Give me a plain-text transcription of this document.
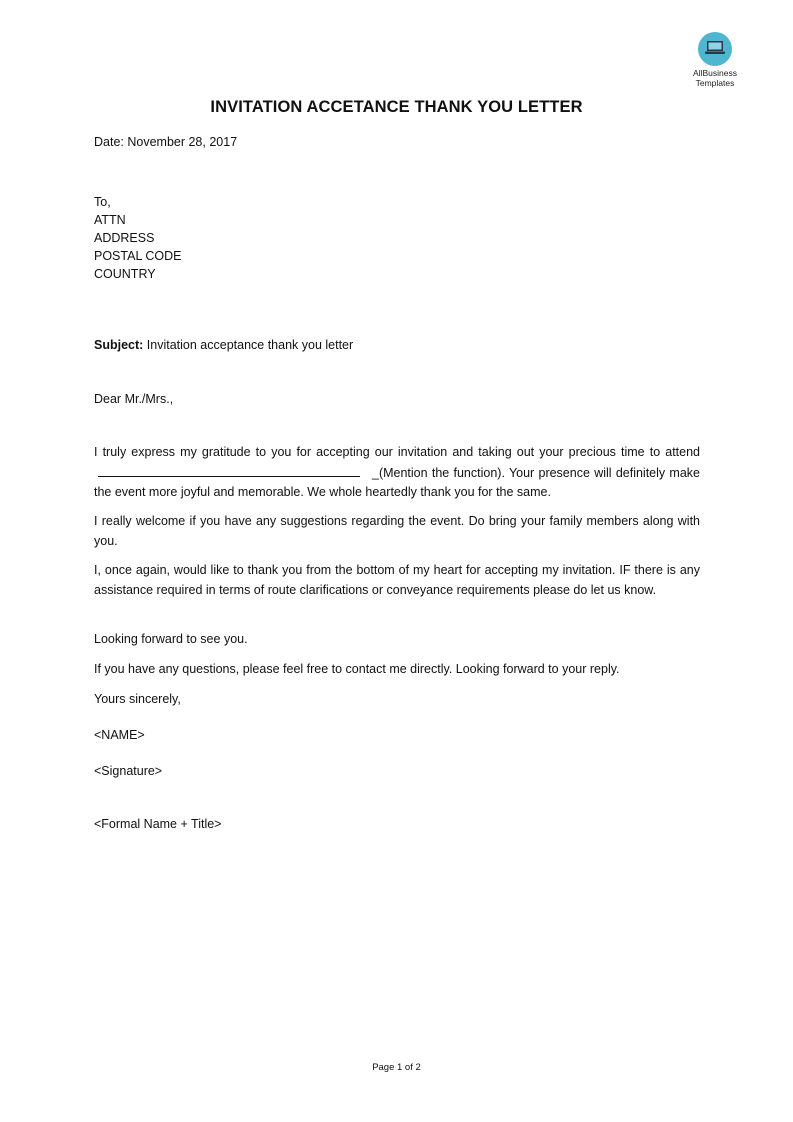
AllBusiness
Templates
INVITATION ACCETANCE THANK YOU LETTER
Date: November 28, 2017
To,
ATTN
ADDRESS
POSTAL CODE
COUNTRY
Subject: Invitation acceptance thank you letter
Dear Mr./Mrs.,
I truly express my gratitude to you for accepting our invitation and taking out your precious time to attend_(Mention the function). Your presence will definitely make the event more joyful and memorable. We whole heartedly thank you for the same.
I really welcome if you have any suggestions regarding the event. Do bring your family members along with you.
I, once again, would like to thank you from the bottom of my heart for accepting my invitation. IF there is any assistance required in terms of route clarifications or conveyance requirements please do let us know.
Looking forward to see you.
If you have any questions, please feel free to contact me directly. Looking forward to your reply.
Yours sincerely,
<NAME>
<Signature>
<Formal Name + Title>
Page 1 of 2
